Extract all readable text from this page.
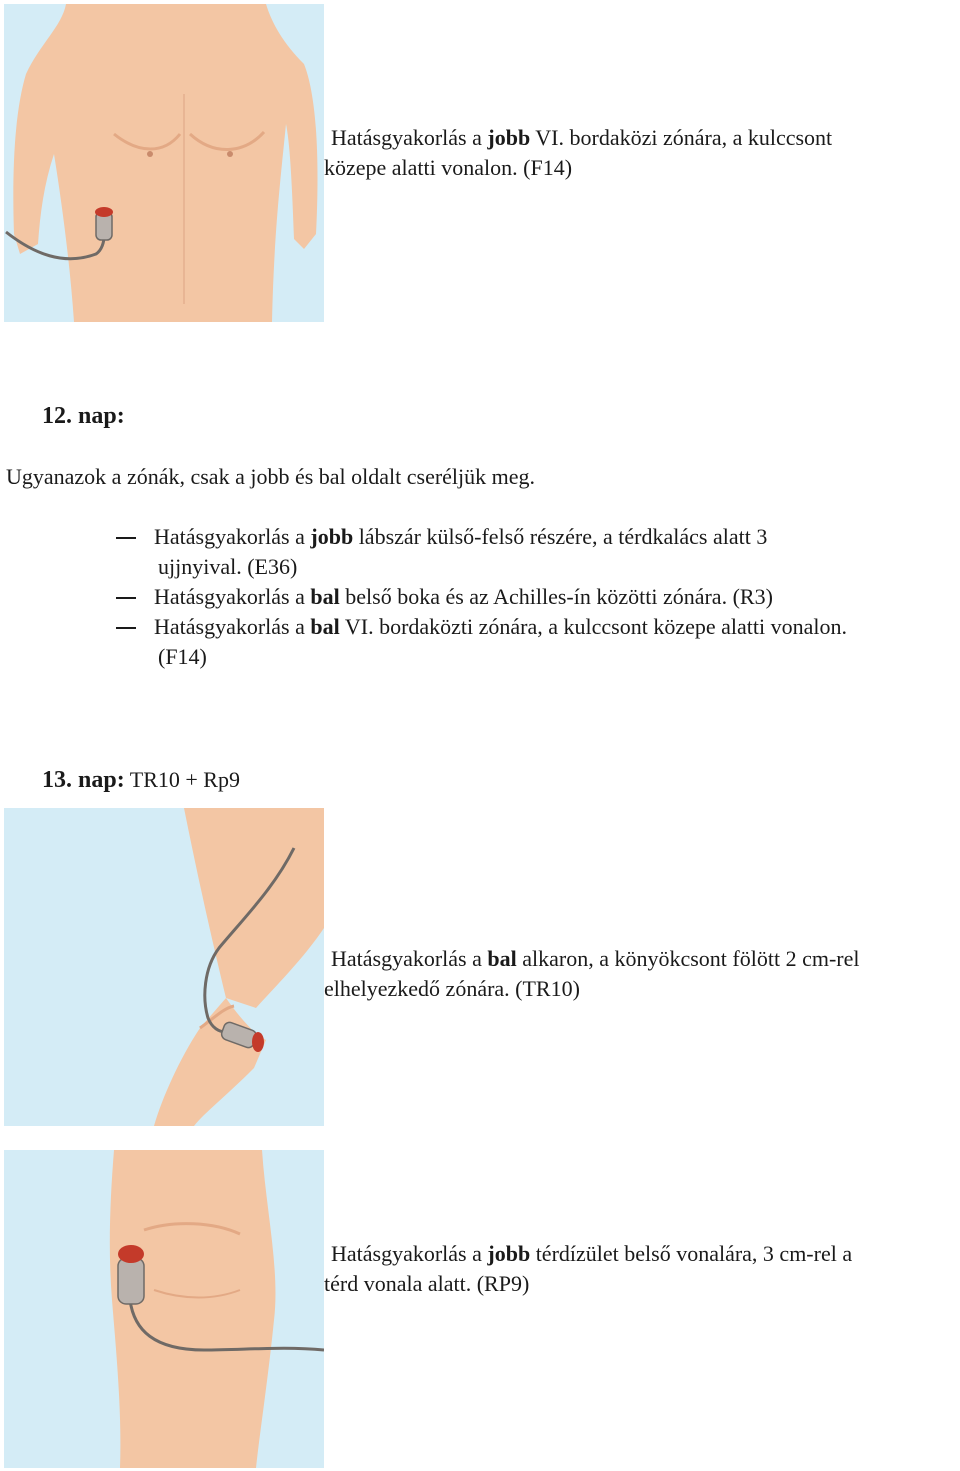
Hatásgyakorlás a jobb VI. bordaközi zónára, a kulccsont

közepe alatti vonalon. (F14)

12. nap:
Ugyanazok a zónák, csak a jobb és bal oldalt cseréljük meg.
Hatásgyakorlás a jobb lábszár külső-felső részére, a térdkalács alatt 3
ujjnyival. (E36)
Hatásgyakorlás a bal belső boka és az Achilles-ín közötti zónára. (R3)
Hatásgyakorlás a bal VI. bordaközti zónára, a kulccsont közepe alatti vonalon.
(F14)
13. nap: TR10 + Rp9

Hatásgyakorlás a bal alkaron, a könyökcsont fölött 2 cm-rel

elhelyezkedő zónára. (TR10)

Hatásgyakorlás a jobb térdízület belső vonalára, 3 cm-rel a

térd vonala alatt. (RP9)
